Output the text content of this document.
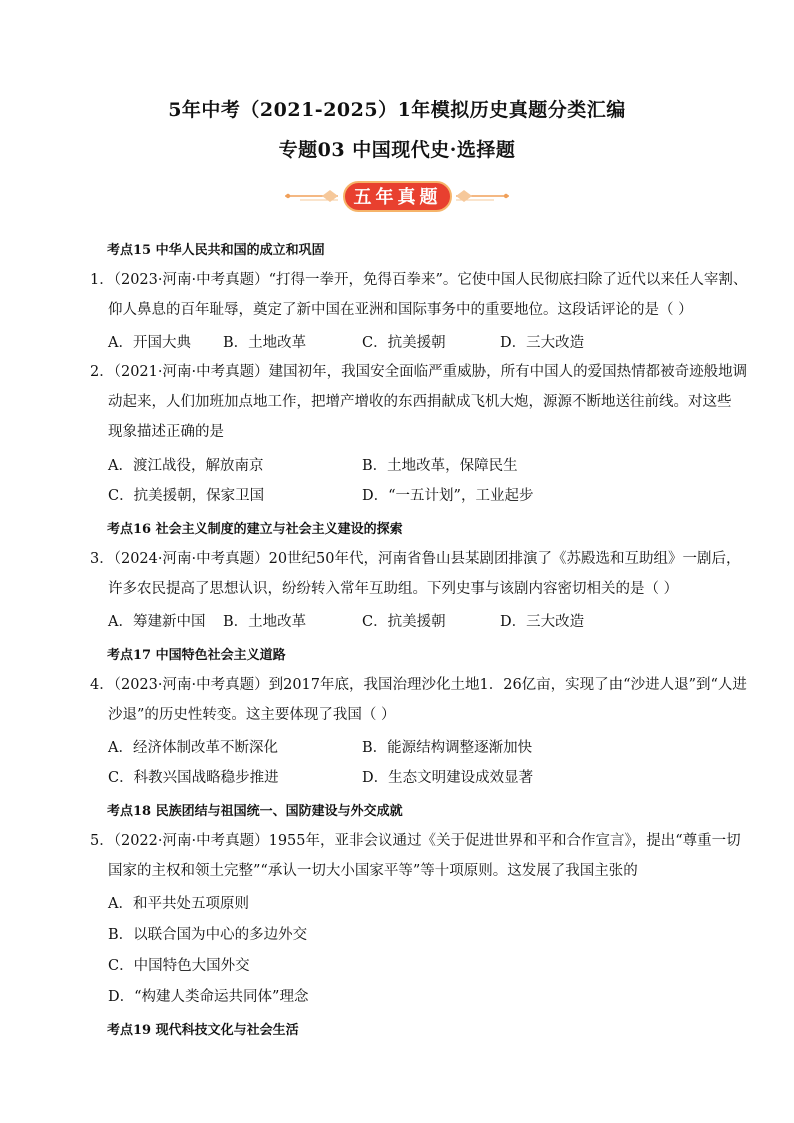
5年中考（2021-2025）1年模拟历史真题分类汇编
专题03 中国现代史·选择题
五年真题
考点15 中华人民共和国的成立和巩固
1．（2023·河南·中考真题）“打得一拳开，免得百拳来”。它使中国人民彻底扫除了近代以来任人宰割、
仰人鼻息的百年耻辱，奠定了新中国在亚洲和国际事务中的重要地位。这段话评论的是（ ）
A．开国大典 B．土地改革	C．抗美援朝	D．三大改造
2．（2021·河南·中考真题）建国初年，我国安全面临严重威胁，所有中国人的爱国热情都被奇迹般地调
动起来，人们加班加点地工作，把增产增收的东西捐献成飞机大炮，源源不断地送往前线。对这些
现象描述正确的是
A．渡江战役，解放南京	B．土地改革，保障民生
C．抗美援朝，保家卫国	D．“一五计划”，工业起步
考点16 社会主义制度的建立与社会主义建设的探索
3．（2024·河南·中考真题）20世纪50年代，河南省鲁山县某剧团排演了《苏殿选和互助组》一剧后，
许多农民提高了思想认识，纷纷转入常年互助组。下列史事与该剧内容密切相关的是（ ）
A．筹建新中国 B．土地改革	C．抗美援朝	D．三大改造
考点17 中国特色社会主义道路
4．（2023·河南·中考真题）到2017年底，我国治理沙化土地1．26亿亩，实现了由“沙进人退”到“人进
沙退”的历史性转变。这主要体现了我国（ ）
A．经济体制改革不断深化	B．能源结构调整逐渐加快
C．科教兴国战略稳步推进	D．生态文明建设成效显著
考点18 民族团结与祖国统一、国防建设与外交成就
5．（2022·河南·中考真题）1955年，亚非会议通过《关于促进世界和平和合作宣言》，提出“尊重一切
国家的主权和领土完整”“承认一切大小国家平等”等十项原则。这发展了我国主张的
A．和平共处五项原则
B．以联合国为中心的多边外交
C．中国特色大国外交
D．“构建人类命运共同体”理念
考点19 现代科技文化与社会生活
